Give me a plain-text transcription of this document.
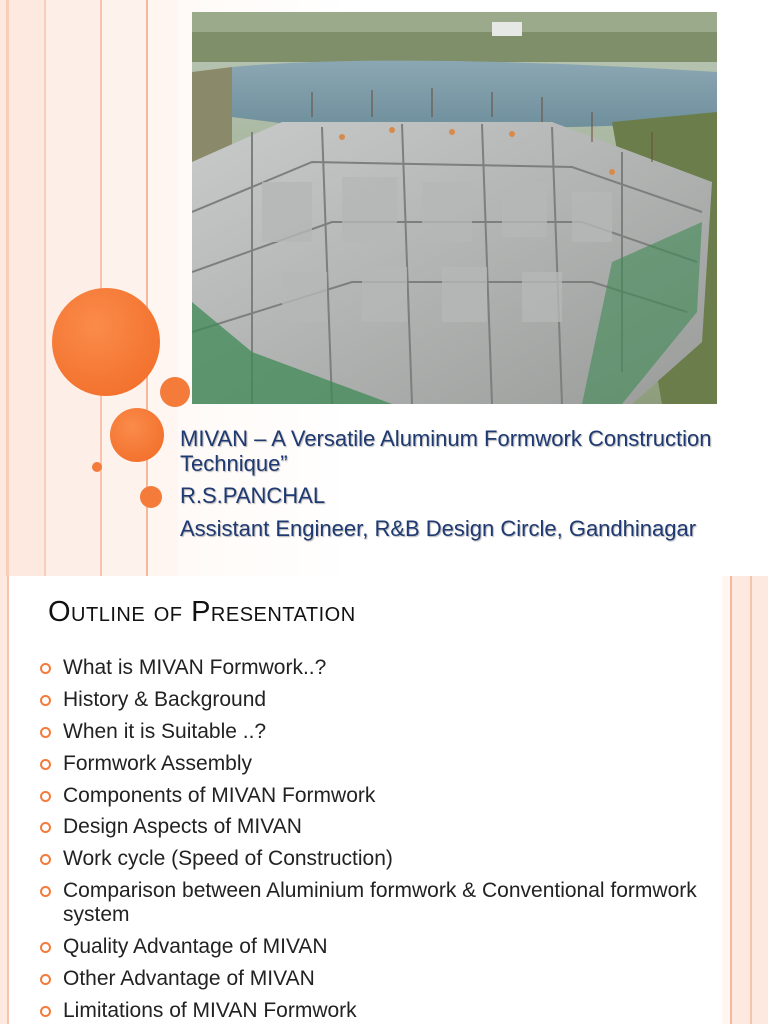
MIVAN – A Versatile Aluminum Formwork Construction Technique”
R.S.PANCHAL
Assistant Engineer, R&B Design Circle, Gandhinagar
Outline of Presentation
What is MIVAN Formwork..?
History & Background
When it is Suitable ..?
Formwork Assembly
Components of MIVAN Formwork
Design Aspects of MIVAN
Work cycle (Speed of Construction)
Comparison between Aluminium formwork & Conventional formwork system
Quality Advantage of MIVAN
Other Advantage of MIVAN
Limitations of MIVAN Formwork
